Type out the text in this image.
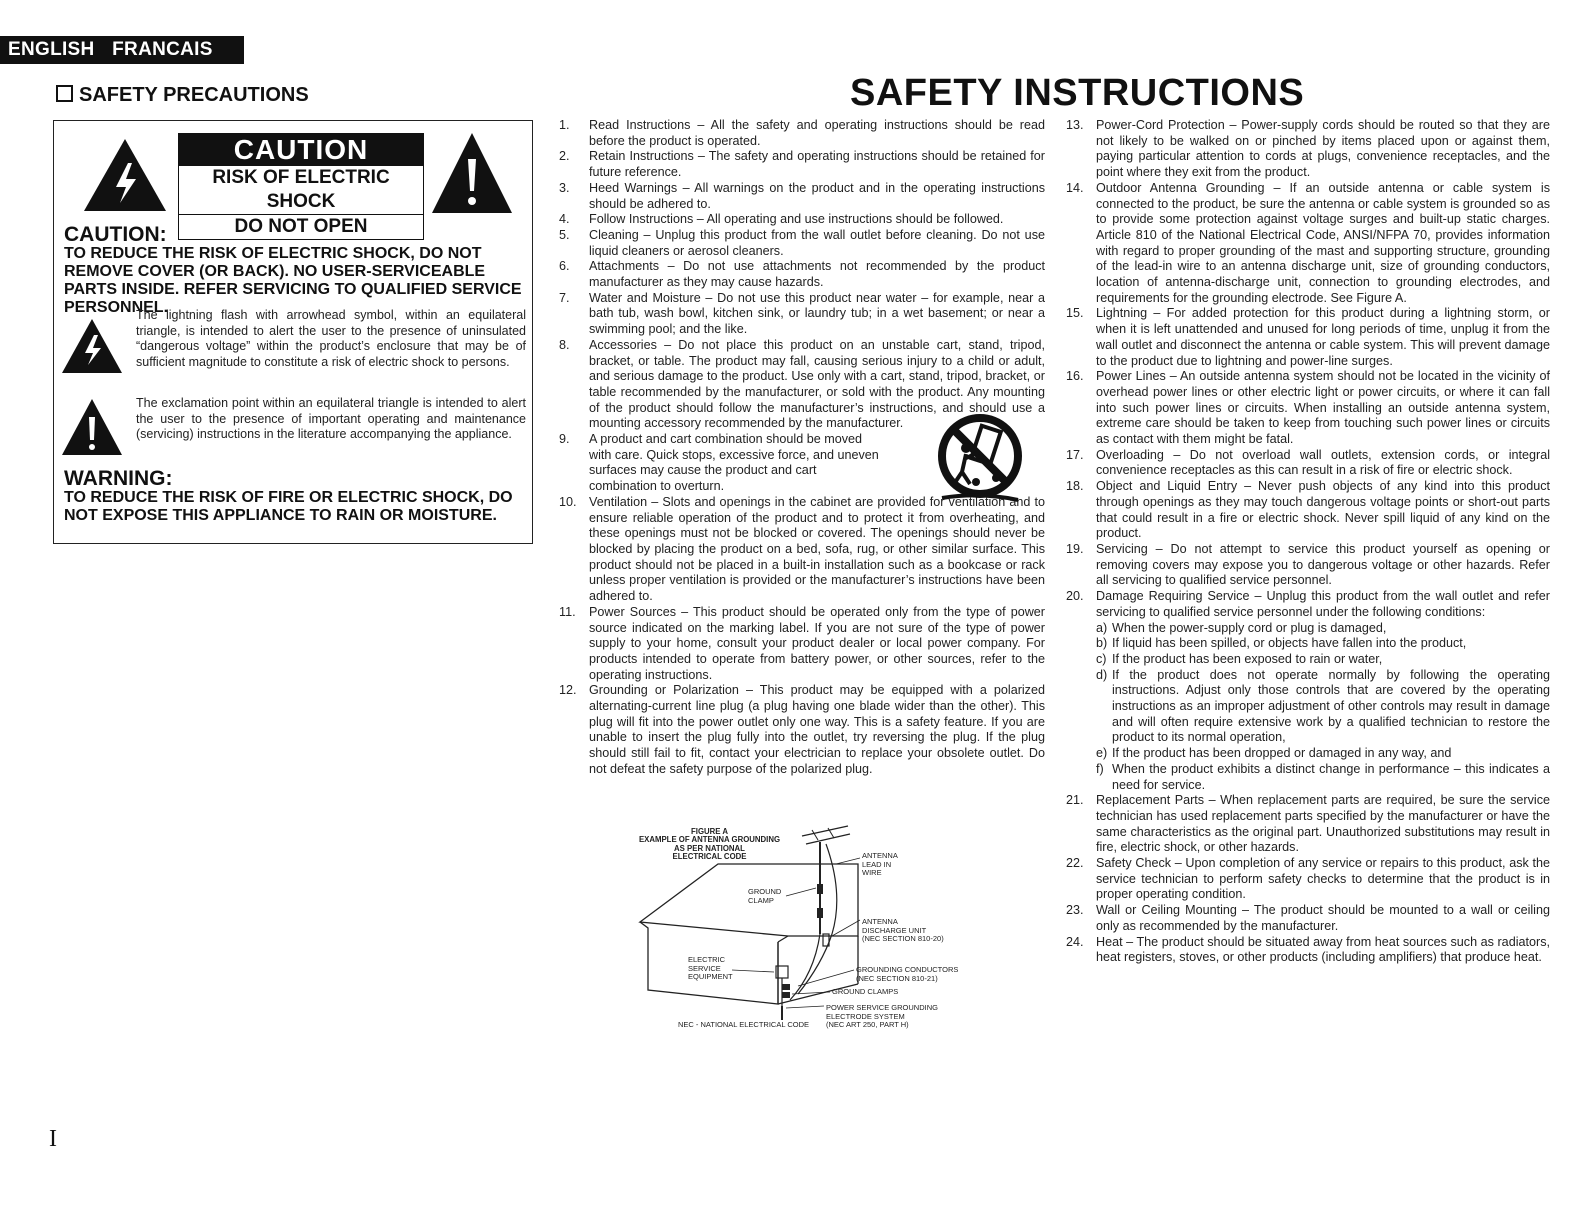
ENGLISH FRANCAIS
SAFETY PRECAUTIONS	SAFETY INSTRUCTIONS
CAUTION
RISK OF ELECTRIC SHOCK
DO NOT OPEN
CAUTION:
TO REDUCE THE RISK OF ELECTRIC SHOCK, DO NOT REMOVE COVER (OR BACK). NO USER-SERVICEABLE PARTS INSIDE. REFER SERVICING TO QUALIFIED SERVICE PERSONNEL.
The lightning flash with arrowhead symbol, within an equilateral triangle, is intended to alert the user to the presence of uninsulated “dangerous voltage” within the product’s enclosure that may be of sufficient magnitude to constitute a risk of electric shock to persons.
The exclamation point within an equilateral triangle is intended to alert the user to the presence of important operating and maintenance (servicing) instructions in the literature accompanying the appliance.
WARNING:
TO REDUCE THE RISK OF FIRE OR ELECTRIC SHOCK, DO NOT EXPOSE THIS APPLIANCE TO RAIN OR MOISTURE.
1.	Read Instructions – All the safety and operating instructions should be read before the product is operated.
2.	Retain Instructions – The safety and operating instructions should be retained for future reference.
3.	Heed Warnings – All warnings on the product and in the operating instructions should be adhered to.
4.	Follow Instructions – All operating and use instructions should be followed.
5.	Cleaning – Unplug this product from the wall outlet before cleaning. Do not use liquid cleaners or aerosol cleaners.
6.	Attachments – Do not use attachments not recommended by the product manufacturer as they may cause hazards.
7.	Water and Moisture – Do not use this product near water – for example, near a bath tub, wash bowl, kitchen sink, or laundry tub; in a wet basement; or near a swimming pool; and the like.
8.	Accessories – Do not place this product on an unstable cart, stand, tripod, bracket, or table. The product may fall, causing serious injury to a child or adult, and serious damage to the product. Use only with a cart, stand, tripod, bracket, or table recommended by the manufacturer, or sold with the product. Any mounting of the product should follow the manufacturer’s instructions, and should use a mounting accessory recommended by the manufacturer.
9.	A product and cart combination should be moved with care. Quick stops, excessive force, and uneven surfaces may cause the product and cart combination to overturn.
10. Ventilation – Slots and openings in the cabinet are provided for ventilation and to ensure reliable operation of the product and to protect it from overheating, and these openings must not be blocked or covered. The openings should never be blocked by placing the product on a bed, sofa, rug, or other similar surface. This product should not be placed in a built-in installation such as a bookcase or rack unless proper ventilation is provided or the manufacturer’s instructions have been adhered to.
11.	Power Sources – This product should be operated only from the type of power source indicated on the marking label. If you are not sure of the type of power supply to your home, consult your product dealer or local power company. For products intended to operate from battery power, or other sources, refer to the operating instructions.
12. Grounding or Polarization – This product may be equipped with a polarized alternating-current line plug (a plug having one blade wider than the other). This plug will fit into the power outlet only one way. This is a safety feature. If you are unable to insert the plug fully into the outlet, try reversing the plug. If the plug should still fail to fit, contact your electrician to replace your obsolete outlet. Do not defeat the safety purpose of the polarized plug.
FIGURE A
EXAMPLE OF ANTENNA GROUNDING
AS PER NATIONAL
ELECTRICAL CODE	ANTENNA
LEAD IN
WIRE
GROUND
CLAMP
ANTENNA
DISCHARGE UNIT
(NEC SECTION 810-20)
ELECTRIC
SERVICE
EQUIPMENT
GROUNDING CONDUCTORS
(NEC SECTION 810-21)
GROUND CLAMPS
POWER SERVICE GROUNDING
ELECTRODE SYSTEM
NEC - NATIONAL ELECTRICAL CODE (NEC ART 250, PART H)
13. Power-Cord Protection – Power-supply cords should be routed so that they are not likely to be walked on or pinched by items placed upon or against them, paying particular attention to cords at plugs, convenience receptacles, and the point where they exit from the product.
14. Outdoor Antenna Grounding – If an outside antenna or cable system is connected to the product, be sure the antenna or cable system is grounded so as to provide some protection against voltage surges and built-up static charges. Article 810 of the National Electrical Code, ANSI/NFPA 70, provides information with regard to proper grounding of the mast and supporting structure, grounding of the lead-in wire to an antenna discharge unit, size of grounding conductors, location of antenna-discharge unit, connection to grounding electrodes, and requirements for the grounding electrode. See Figure A.
15. Lightning – For added protection for this product during a lightning storm, or when it is left unattended and unused for long periods of time, unplug it from the wall outlet and disconnect the antenna or cable system. This will prevent damage to the product due to lightning and power-line surges.
16. Power Lines – An outside antenna system should not be located in the vicinity of overhead power lines or other electric light or power circuits, or where it can fall into such power lines or circuits. When installing an outside antenna system, extreme care should be taken to keep from touching such power lines or circuits as contact with them might be fatal.
17. Overloading – Do not overload wall outlets, extension cords, or integral convenience receptacles as this can result in a risk of fire or electric shock.
18. Object and Liquid Entry – Never push objects of any kind into this product through openings as they may touch dangerous voltage points or short-out parts that could result in a fire or electric shock. Never spill liquid of any kind on the product.
19. Servicing – Do not attempt to service this product yourself as opening or removing covers may expose you to dangerous voltage or other hazards. Refer all servicing to qualified service personnel.
20. Damage Requiring Service – Unplug this product from the wall outlet and refer servicing to qualified service personnel under the following conditions:
a) When the power-supply cord or plug is damaged,
b) If liquid has been spilled, or objects have fallen into the product,
c) If the product has been exposed to rain or water,
d) If the product does not operate normally by following the operating instructions. Adjust only those controls that are covered by the operating instructions as an improper adjustment of other controls may result in damage and will often require extensive work by a qualified technician to restore the product to its normal operation,
e) If the product has been dropped or damaged in any way, and
f) When the product exhibits a distinct change in performance – this indicates a need for service.
21. Replacement Parts – When replacement parts are required, be sure the service technician has used replacement parts specified by the manufacturer or have the same characteristics as the original part. Unauthorized substitutions may result in fire, electric shock, or other hazards.
22. Safety Check – Upon completion of any service or repairs to this product, ask the service technician to perform safety checks to determine that the product is in proper operating condition.
23. Wall or Ceiling Mounting – The product should be mounted to a wall or ceiling only as recommended by the manufacturer.
24. Heat – The product should be situated away from heat sources such as radiators, heat registers, stoves, or other products (including amplifiers) that produce heat.
I
